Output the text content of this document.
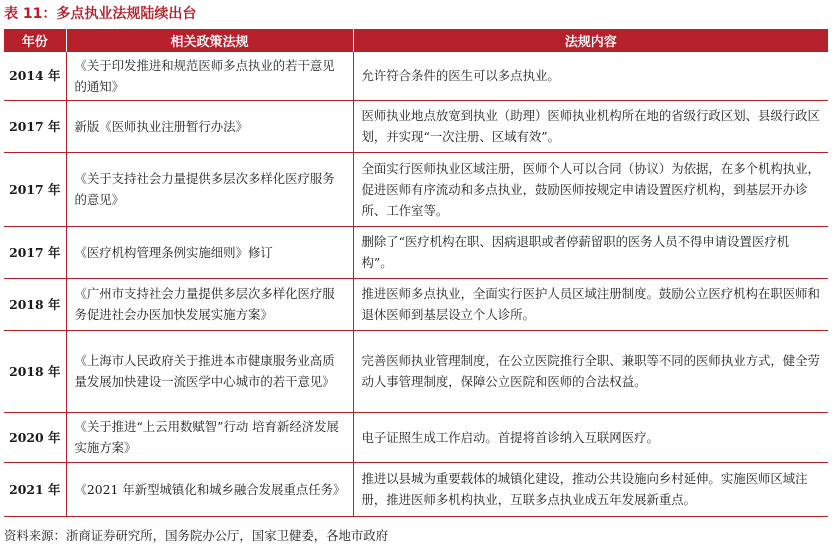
表 11：多点执业法规陆续出台
年份	相关政策法规	法规内容
2014 年	《关于印发推进和规范医师多点执业的若干意见的通知》	允许符合条件的医生可以多点执业。
2017 年	新版《医师执业注册暂行办法》	医师执业地点放宽到执业（助理）医师执业机构所在地的省级行政区划、县级行政区划，并实现“一次注册、区域有效”。
2017 年	《关于支持社会力量提供多层次多样化医疗服务的意见》	全面实行医师执业区域注册，医师个人可以合同（协议）为依据，在多个机构执业，促进医师有序流动和多点执业，鼓励医师按规定申请设置医疗机构，到基层开办诊所、工作室等。
2017 年	《医疗机构管理条例实施细则》修订	删除了“医疗机构在职、因病退职或者停薪留职的医务人员不得申请设置医疗机构”。
2018 年	《广州市支持社会力量提供多层次多样化医疗服务促进社会办医加快发展实施方案》	推进医师多点执业，全面实行医护人员区域注册制度。鼓励公立医疗机构在职医师和退休医师到基层设立个人诊所。
2018 年	《上海市人民政府关于推进本市健康服务业高质量发展加快建设一流医学中心城市的若干意见》	完善医师执业管理制度，在公立医院推行全职、兼职等不同的医师执业方式，健全劳动人事管理制度，保障公立医院和医师的合法权益。
2020 年	《关于推进“上云用数赋智”行动 培育新经济发展实施方案》	电子证照生成工作启动。首提将首诊纳入互联网医疗。
2021 年	《2021 年新型城镇化和城乡融合发展重点任务》	推进以县城为重要载体的城镇化建设，推动公共设施向乡村延伸。实施医师区域注册，推进医师多机构执业，互联多点执业成五年发展新重点。
资料来源：浙商证券研究所，国务院办公厅，国家卫健委，各地市政府
